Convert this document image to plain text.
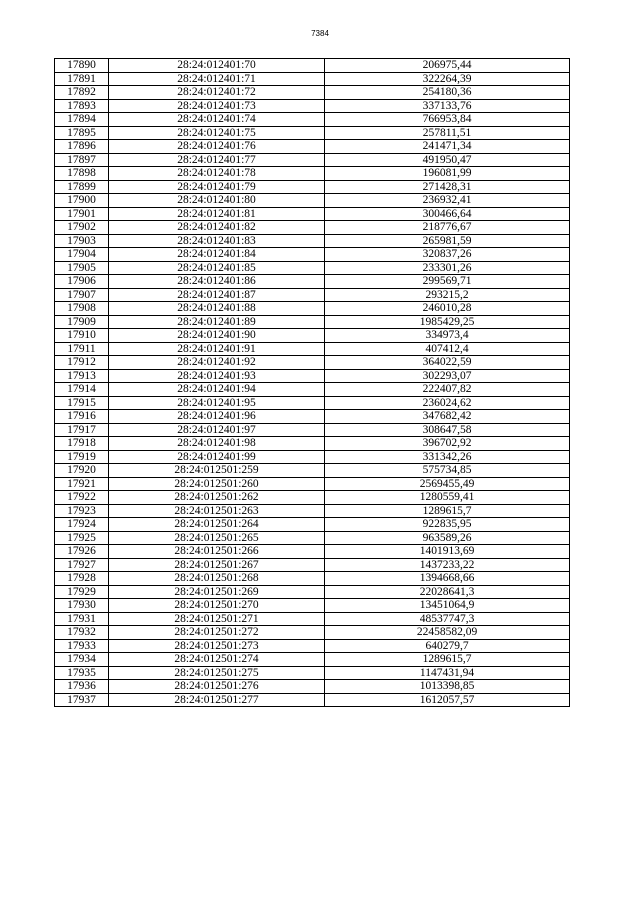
7384
17890	28:24:012401:70	206975,44
17891	28:24:012401:71	322264,39
17892	28:24:012401:72	254180,36
17893	28:24:012401:73	337133,76
17894	28:24:012401:74	766953,84
17895	28:24:012401:75	257811,51
17896	28:24:012401:76	241471,34
17897	28:24:012401:77	491950,47
17898	28:24:012401:78	196081,99
17899	28:24:012401:79	271428,31
17900	28:24:012401:80	236932,41
17901	28:24:012401:81	300466,64
17902	28:24:012401:82	218776,67
17903	28:24:012401:83	265981,59
17904	28:24:012401:84	320837,26
17905	28:24:012401:85	233301,26
17906	28:24:012401:86	299569,71
17907	28:24:012401:87	293215,2
17908	28:24:012401:88	246010,28
17909	28:24:012401:89	1985429,25
17910	28:24:012401:90	334973,4
17911	28:24:012401:91	407412,4
17912	28:24:012401:92	364022,59
17913	28:24:012401:93	302293,07
17914	28:24:012401:94	222407,82
17915	28:24:012401:95	236024,62
17916	28:24:012401:96	347682,42
17917	28:24:012401:97	308647,58
17918	28:24:012401:98	396702,92
17919	28:24:012401:99	331342,26
17920	28:24:012501:259	575734,85
17921	28:24:012501:260	2569455,49
17922	28:24:012501:262	1280559,41
17923	28:24:012501:263	1289615,7
17924	28:24:012501:264	922835,95
17925	28:24:012501:265	963589,26
17926	28:24:012501:266	1401913,69
17927	28:24:012501:267	1437233,22
17928	28:24:012501:268	1394668,66
17929	28:24:012501:269	22028641,3
17930	28:24:012501:270	13451064,9
17931	28:24:012501:271	48537747,3
17932	28:24:012501:272	22458582,09
17933	28:24:012501:273	640279,7
17934	28:24:012501:274	1289615,7
17935	28:24:012501:275	1147431,94
17936	28:24:012501:276	1013398,85
17937	28:24:012501:277	1612057,57
